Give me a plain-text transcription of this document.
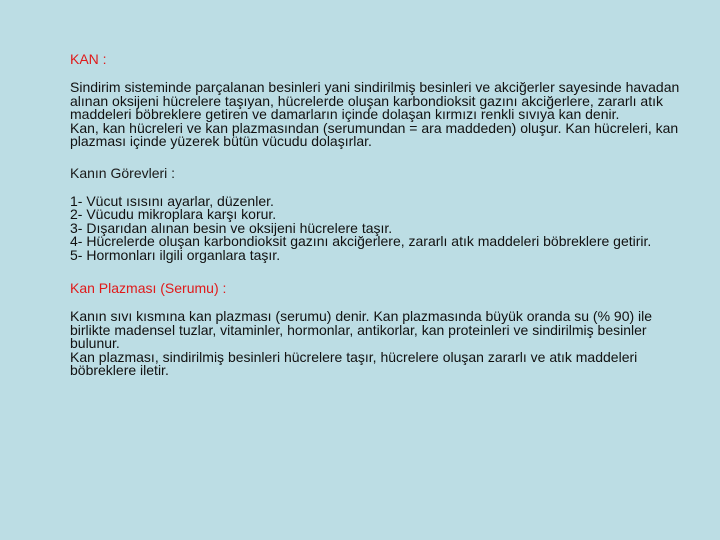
KAN :

Sindirim sisteminde parçalanan besinleri yani sindirilmiş besinleri ve akciğerler sayesinde havadan alınan oksijeni hücrelere taşıyan, hücrelerde oluşan karbondioksit gazını akciğerlere, zararlı atık maddeleri böbreklere getiren ve damarların içinde dolaşan kırmızı renkli sıvıya kan denir.

Kan, kan hücreleri ve kan plazmasından (serumundan = ara maddeden) oluşur. Kan hücreleri, kan plazması içinde yüzerek bütün vücudu dolaşırlar.

Kanın Görevleri :
1- Vücut ısısını ayarlar, düzenler.
2- Vücudu mikroplara karşı korur.
3- Dışarıdan alınan besin ve oksijeni hücrelere taşır.
4- Hücrelerde oluşan karbondioksit gazını akciğerlere, zararlı atık maddeleri böbreklere getirir.
5- Hormonları ilgili organlara taşır.
Kan Plazması (Serumu) :

Kanın sıvı kısmına kan plazması (serumu) denir. Kan plazmasında büyük oranda su (% 90) ile birlikte madensel tuzlar, vitaminler, hormonlar, antikorlar, kan proteinleri ve sindirilmiş besinler bulunur.

Kan plazması, sindirilmiş besinleri hücrelere taşır, hücrelere oluşan zararlı ve atık maddeleri böbreklere iletir.
